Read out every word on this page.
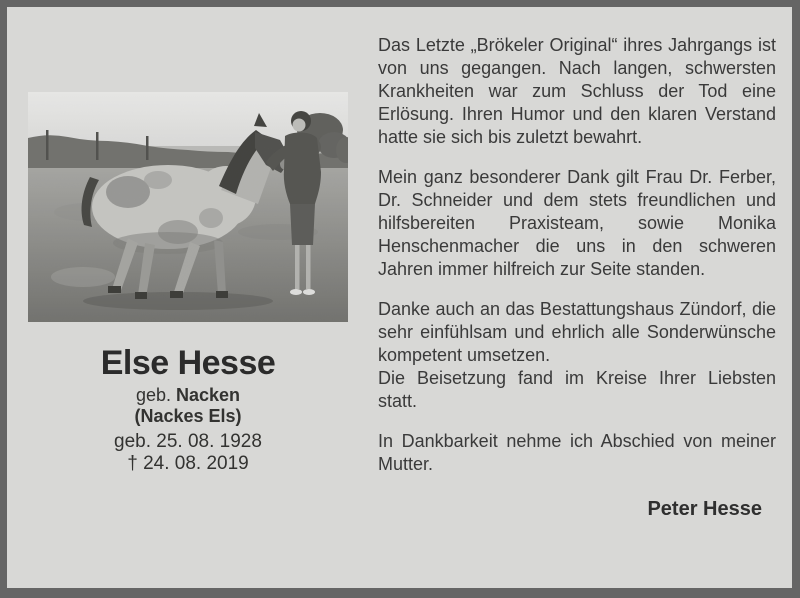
Else Hesse
geb. Nacken
(Nackes Els)
geb. 25. 08. 1928
† 24. 08. 2019

Das Letzte „Brökeler Original“ ihres Jahrgangs ist von uns gegangen. Nach langen, schwersten Krankheiten war zum Schluss der Tod eine Erlösung. Ihren Humor und den klaren Verstand hatte sie sich bis zuletzt bewahrt.

Mein ganz besonderer Dank gilt Frau Dr. Ferber, Dr. Schneider und dem stets freundlichen und hilfsbereiten Praxisteam, sowie Monika Henschenmacher die uns in den schweren Jahren immer hilfreich zur Seite standen.

Danke auch an das Bestattungshaus Zündorf, die sehr einfühlsam und ehrlich alle Sonderwünsche kompetent umsetzen.

Die Beisetzung fand im Kreise Ihrer Liebsten statt.

In Dankbarkeit nehme ich Abschied von meiner Mutter.

Peter Hesse
